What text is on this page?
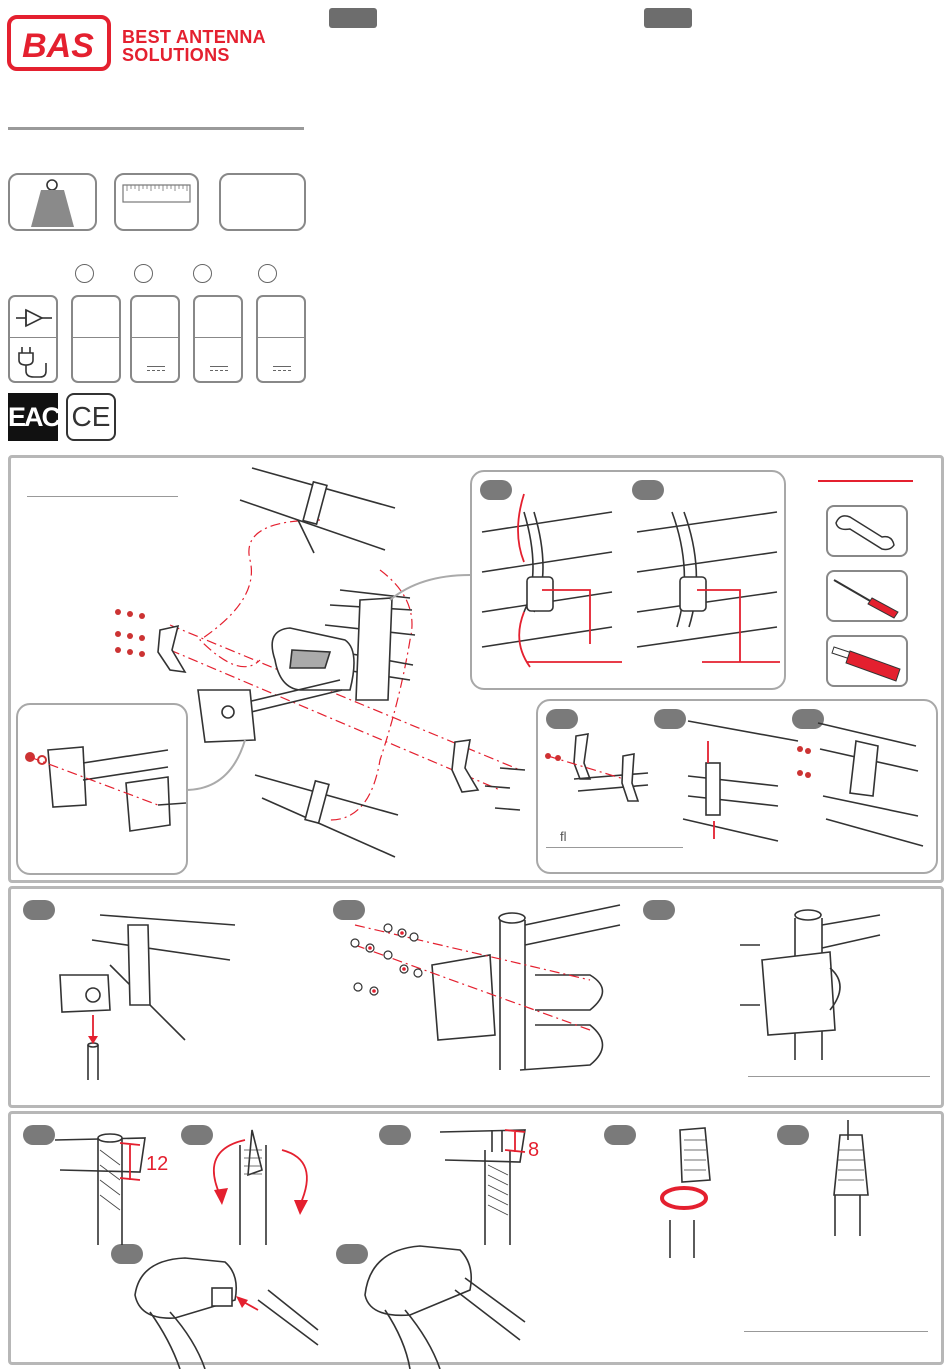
BAS BEST ANTENNA
SOLUTIONS
EAC CE
fl
12
8
